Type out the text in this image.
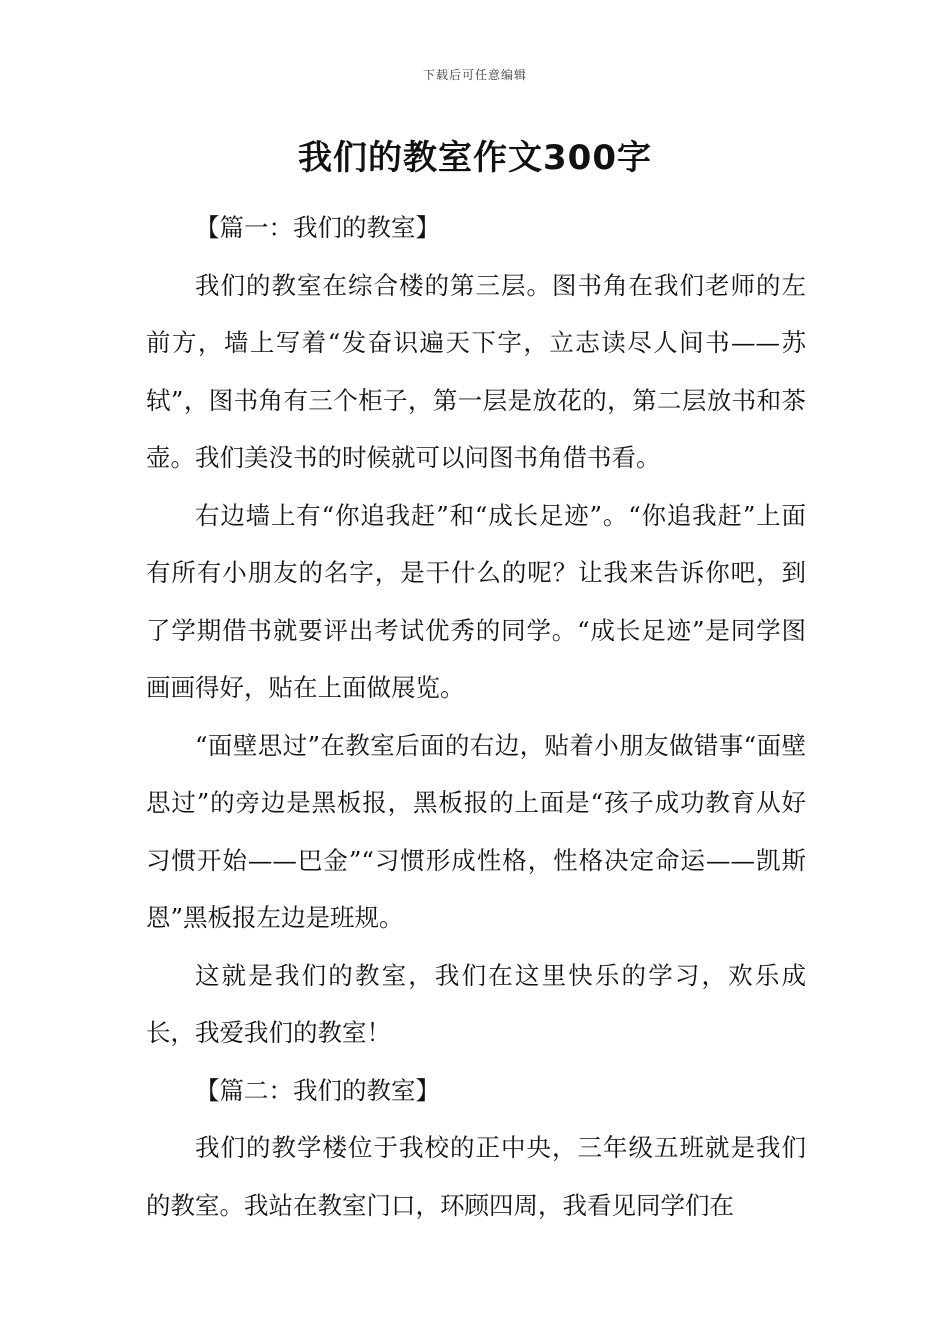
下载后可任意编辑
我们的教室作文300字

【篇一：我们的教室】

我们的教室在综合楼的第三层。图书角在我们老师的左前方，墙上写着“发奋识遍天下字，立志读尽人间书——苏轼”，图书角有三个柜子，第一层是放花的，第二层放书和茶壶。我们美没书的时候就可以问图书角借书看。

右边墙上有“你追我赶”和“成长足迹”。“你追我赶”上面有所有小朋友的名字，是干什么的呢？让我来告诉你吧，到了学期借书就要评出考试优秀的同学。“成长足迹”是同学图画画得好，贴在上面做展览。

“面壁思过”在教室后面的右边，贴着小朋友做错事“面壁思过”的旁边是黑板报，黑板报的上面是“孩子成功教育从好习惯开始——巴金”“习惯形成性格，性格决定命运——凯斯恩”黑板报左边是班规。

这就是我们的教室，我们在这里快乐的学习，欢乐成长，我爱我们的教室！

【篇二：我们的教室】

我们的教学楼位于我校的正中央，三年级五班就是我们的教室。我站在教室门口，环顾四周，我看见同学们在
